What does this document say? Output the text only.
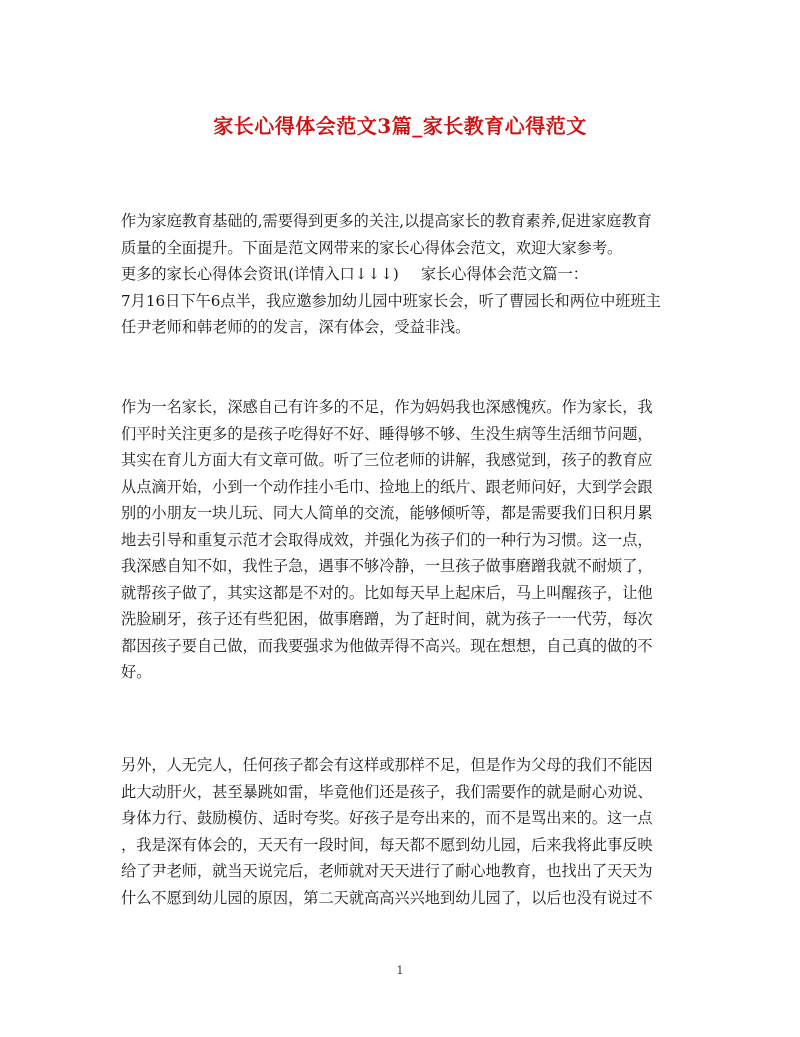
家长心得体会范文3篇_家长教育心得范文
作为家庭教育基础的,需要得到更多的关注,以提高家长的教育素养,促进家庭教育
质量的全面提升。下面是范文网带来的家长心得体会范文，欢迎大家参考。
更多的家长心得体会资讯(详情入口↓↓↓) 家长心得体会范文篇一：
7月16日下午6点半，我应邀参加幼儿园中班家长会，听了曹园长和两位中班班主
任尹老师和韩老师的的发言，深有体会，受益非浅。
作为一名家长，深感自己有许多的不足，作为妈妈我也深感愧疚。作为家长，我
们平时关注更多的是孩子吃得好不好、睡得够不够、生没生病等生活细节问题，
其实在育儿方面大有文章可做。听了三位老师的讲解，我感觉到，孩子的教育应
从点滴开始，小到一个动作挂小毛巾、捡地上的纸片、跟老师问好，大到学会跟
别的小朋友一块儿玩、同大人简单的交流，能够倾听等，都是需要我们日积月累
地去引导和重复示范才会取得成效，并强化为孩子们的一种行为习惯。这一点，
我深感自知不如，我性子急，遇事不够冷静，一旦孩子做事磨蹭我就不耐烦了，
就帮孩子做了，其实这都是不对的。比如每天早上起床后，马上叫醒孩子，让他
洗脸刷牙，孩子还有些犯困，做事磨蹭，为了赶时间，就为孩子一一代劳，每次
都因孩子要自己做，而我要强求为他做弄得不高兴。现在想想，自己真的做的不
好。
另外，人无完人，任何孩子都会有这样或那样不足，但是作为父母的我们不能因
此大动肝火，甚至暴跳如雷，毕竟他们还是孩子，我们需要作的就是耐心劝说、
身体力行、鼓励模仿、适时夸奖。好孩子是夸出来的，而不是骂出来的。这一点
，我是深有体会的，天天有一段时间，每天都不愿到幼儿园，后来我将此事反映
给了尹老师，就当天说完后，老师就对天天进行了耐心地教育，也找出了天天为
什么不愿到幼儿园的原因，第二天就高高兴兴地到幼儿园了，以后也没有说过不
1
